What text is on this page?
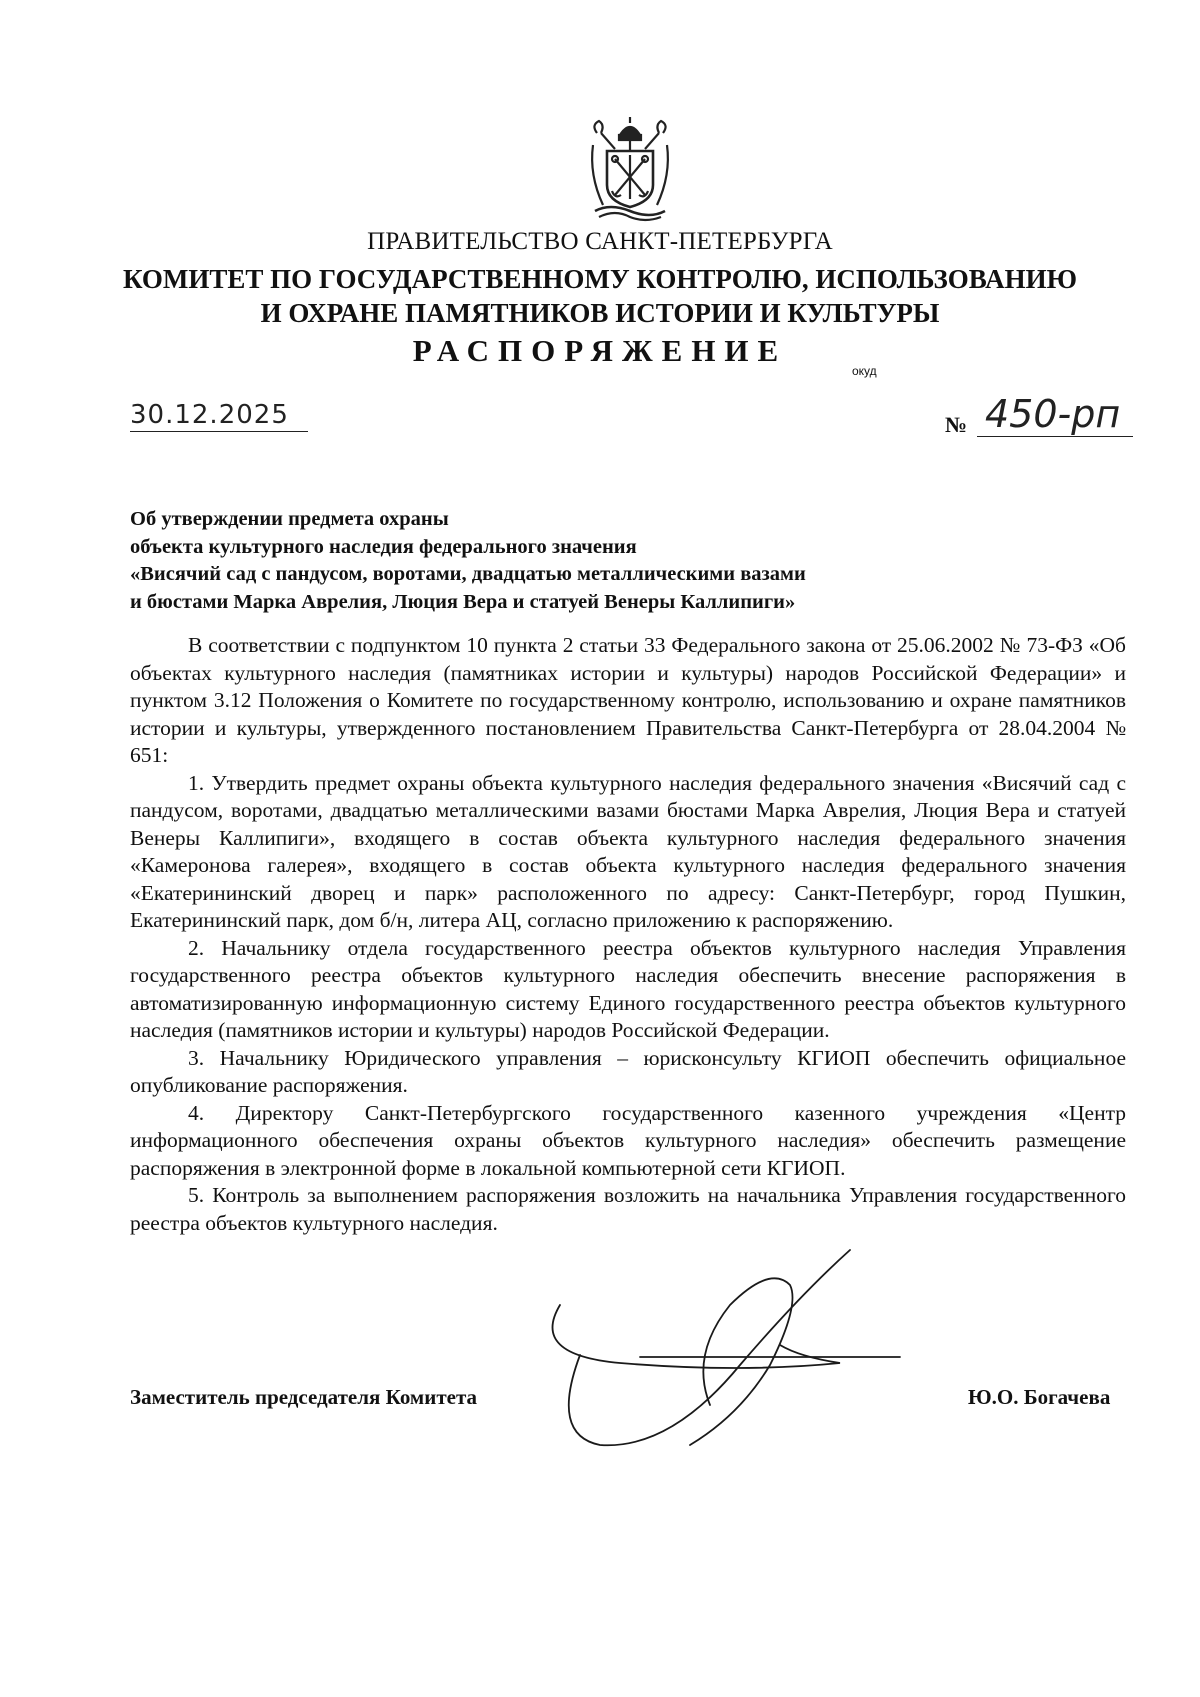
ПРАВИТЕЛЬСТВО САНКТ-ПЕТЕРБУРГА
КОМИТЕТ ПО ГОСУДАРСТВЕННОМУ КОНТРОЛЮ, ИСПОЛЬЗОВАНИЮ
И ОХРАНЕ ПАМЯТНИКОВ ИСТОРИИ И КУЛЬТУРЫ
РАСПОРЯЖЕНИЕ
окуд
30.12.2025	№ 450-рп
Об утверждении предмета охраны
объекта культурного наследия федерального значения
«Висячий сад с пандусом, воротами, двадцатью металлическими вазами
и бюстами Марка Аврелия, Люция Вера и статуей Венеры Каллипиги»

В соответствии с подпунктом 10 пункта 2 статьи 33 Федерального закона от 25.06.2002 № 73-ФЗ «Об объектах культурного наследия (памятниках истории и культуры) народов Российской Федерации» и пунктом 3.12 Положения о Комитете по государственному контролю, использованию и охране памятников истории и культуры, утвержденного постановлением Правительства Санкт-Петербурга от 28.04.2004 № 651:

1. Утвердить предмет охраны объекта культурного наследия федерального значения «Висячий сад с пандусом, воротами, двадцатью металлическими вазами бюстами Марка Аврелия, Люция Вера и статуей Венеры Каллипиги», входящего в состав объекта культурного наследия федерального значения «Камеронова галерея», входящего в состав объекта культурного наследия федерального значения «Екатерининский дворец и парк» расположенного по адресу: Санкт-Петербург, город Пушкин, Екатерининский парк, дом б/н, литера АЦ, согласно приложению к распоряжению.

2. Начальнику отдела государственного реестра объектов культурного наследия Управления государственного реестра объектов культурного наследия обеспечить внесение распоряжения в автоматизированную информационную систему Единого государственного реестра объектов культурного наследия (памятников истории и культуры) народов Российской Федерации.

3. Начальнику Юридического управления – юрисконсульту КГИОП обеспечить официальное опубликование распоряжения.

4. Директору Санкт-Петербургского государственного казенного учреждения «Центр информационного обеспечения охраны объектов культурного наследия» обеспечить размещение распоряжения в электронной форме в локальной компьютерной сети КГИОП.

5. Контроль за выполнением распоряжения возложить на начальника Управления государственного реестра объектов культурного наследия.

Заместитель председателя Комитета	Ю.О. Богачева
